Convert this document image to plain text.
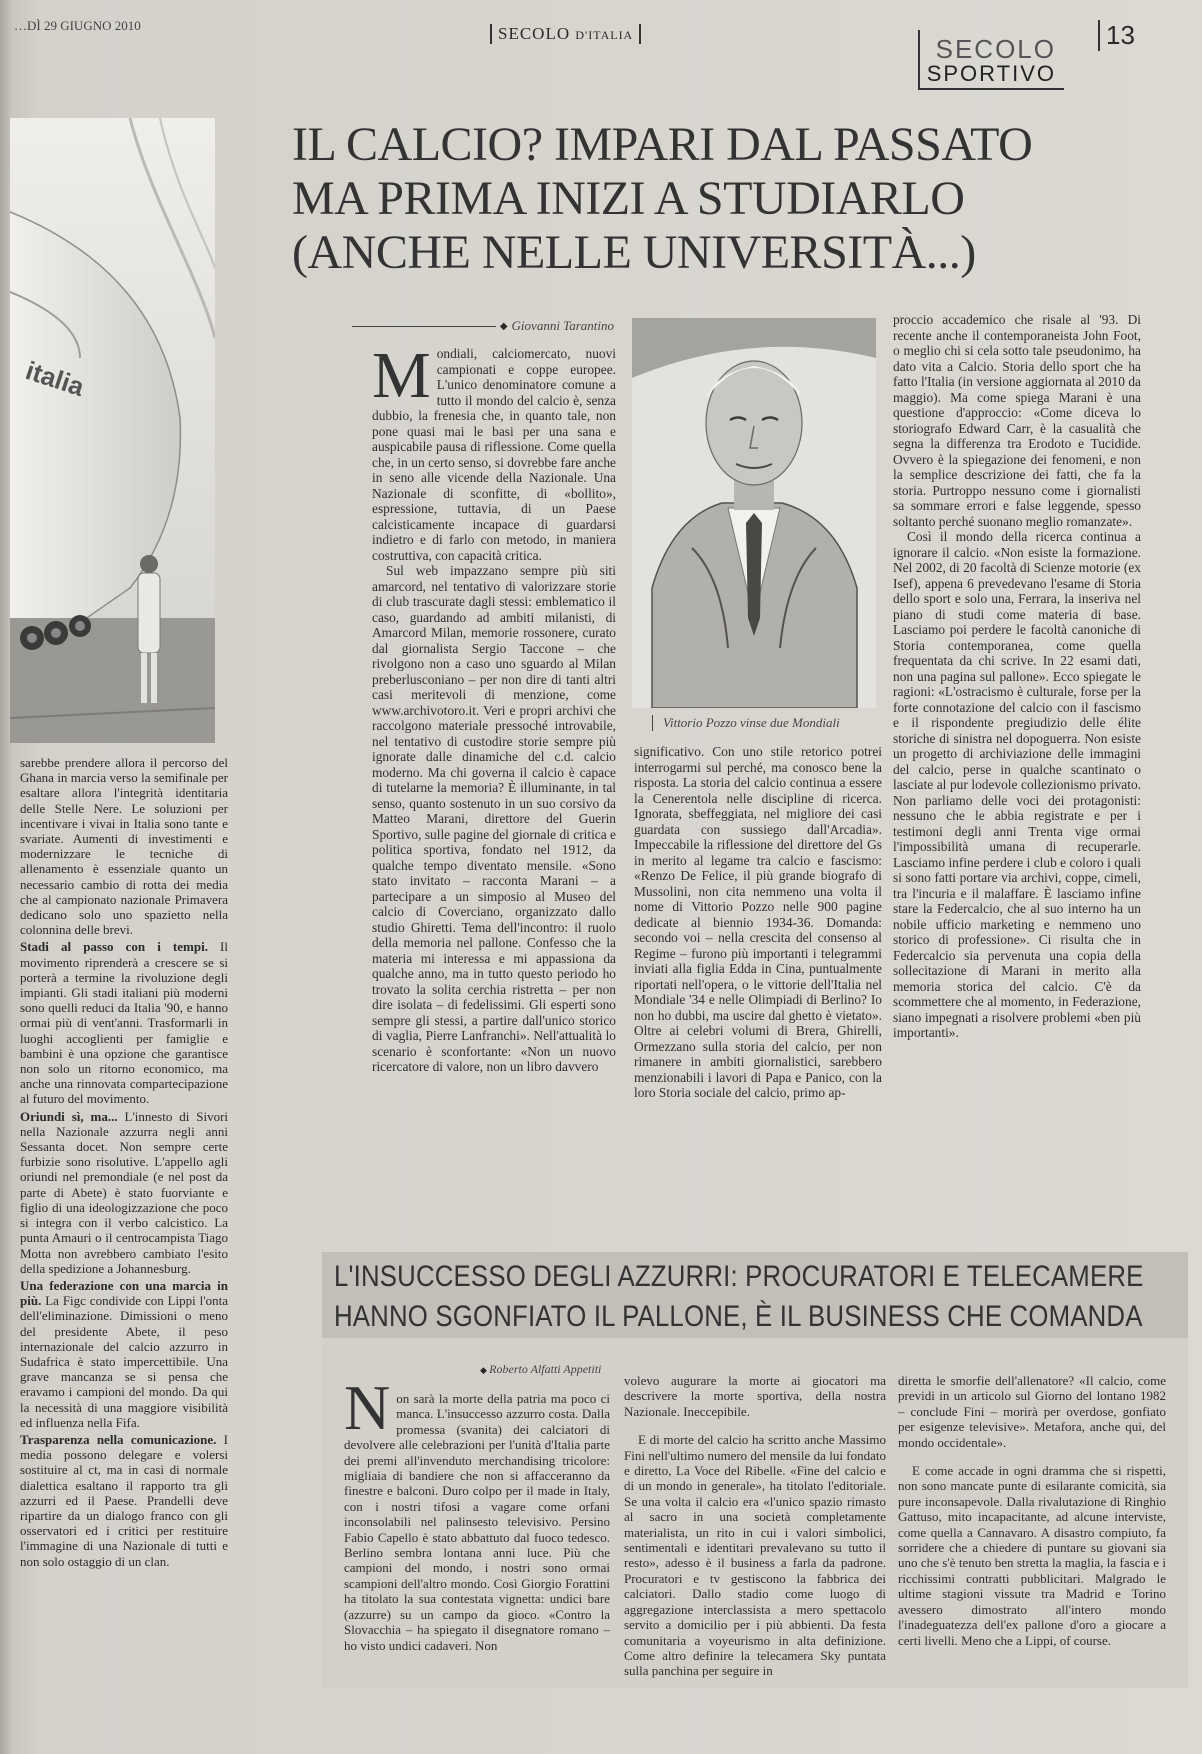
…DÌ 29 GIUGNO 2010	SECOLO D'ITALIA	SECOLO
SPORTIVO
13
italia
IL CALCIO? IMPARI DAL PASSATO
MA PRIMA INIZI A STUDIARLO
(ANCHE NELLE UNIVERSITÀ...)
◆ Giovanni Tarantino
M ondiali, calciomercato, nuovi campionati e coppe europee. L'unico denominatore comune a tutto il mondo del calcio è, senza dubbio, la frenesia che, in quanto tale, non pone quasi mai le basi per una sana e auspicabile pausa di riflessione. Come quella che, in un certo senso, si dovrebbe fare anche in seno alle vicende della Nazionale. Una Nazionale di sconfitte, di «bollito», espressione, tuttavia, di un Paese calcisticamente incapace di guardarsi indietro e di farlo con metodo, in maniera costruttiva, con capacità critica.

Sul web impazzano sempre più siti amarcord, nel tentativo di valorizzare storie di club trascurate dagli stessi: emblematico il caso, guardando ad ambiti milanisti, di Amarcord Milan, memorie rossonere, curato dal giornalista Sergio Taccone – che rivolgono non a caso uno sguardo al Milan preberlusconiano – per non dire di tanti altri casi meritevoli di menzione, come www.archivotoro.it. Veri e propri archivi che raccolgono materiale pressoché introvabile, nel tentativo di custodire storie sempre più ignorate dalle dinamiche del c.d. calcio moderno. Ma chi governa il calcio è capace di tutelarne la memoria? È illuminante, in tal senso, quanto sostenuto in un suo corsivo da Matteo Marani, direttore del Guerin Sportivo, sulle pagine del giornale di critica e politica sportiva, fondato nel 1912, da qualche tempo diventato mensile. «Sono stato invitato – racconta Marani – a partecipare a un simposio al Museo del calcio di Coverciano, organizzato dallo studio Ghiretti. Tema dell'incontro: il ruolo della memoria nel pallone. Confesso che la materia mi interessa e mi appassiona da qualche anno, ma in tutto questo periodo ho trovato la solita cerchia ristretta – per non dire isolata – di fedelissimi. Gli esperti sono sempre gli stessi, a partire dall'unico storico di vaglia, Pierre Lanfranchi». Nell'attualità lo scenario è sconfortante: «Non un nuovo ricercatore di valore, non un libro davvero

Vittorio Pozzo vinse due Mondiali

significativo. Con uno stile retorico potrei interrogarmi sul perché, ma conosco bene la risposta. La storia del calcio continua a essere la Cenerentola nelle discipline di ricerca. Ignorata, sbeffeggiata, nel migliore dei casi guardata con sussiego dall'Arcadia». Impeccabile la riflessione del direttore del Gs in merito al legame tra calcio e fascismo: «Renzo De Felice, il più grande biografo di Mussolini, non cita nemmeno una volta il nome di Vittorio Pozzo nelle 900 pagine dedicate al biennio 1934-36. Domanda: secondo voi – nella crescita del consenso al Regime – furono più importanti i telegrammi inviati alla figlia Edda in Cina, puntualmente riportati nell'opera, o le vittorie dell'Italia nel Mondiale '34 e nelle Olimpiadi di Berlino? Io non ho dubbi, ma uscire dal ghetto è vietato». Oltre ai celebri volumi di Brera, Ghirelli, Ormezzano sulla storia del calcio, per non rimanere in ambiti giornalistici, sarebbero menzionabili i lavori di Papa e Panico, con la loro Storia sociale del calcio, primo ap-

proccio accademico che risale al '93. Di recente anche il contemporaneista John Foot, o meglio chi si cela sotto tale pseudonimo, ha dato vita a Calcio. Storia dello sport che ha fatto l'Italia (in versione aggiornata al 2010 da maggio). Ma come spiega Marani è una questione d'approccio: «Come diceva lo storiografo Edward Carr, è la casualità che segna la differenza tra Erodoto e Tucidide. Ovvero è la spiegazione dei fenomeni, e non la semplice descrizione dei fatti, che fa la storia. Purtroppo nessuno come i giornalisti sa sommare errori e false leggende, spesso soltanto perché suonano meglio romanzate».

Così il mondo della ricerca continua a ignorare il calcio. «Non esiste la formazione. Nel 2002, di 20 facoltà di Scienze motorie (ex Isef), appena 6 prevedevano l'esame di Storia dello sport e solo una, Ferrara, la inseriva nel piano di studi come materia di base. Lasciamo poi perdere le facoltà canoniche di Storia contemporanea, come quella frequentata da chi scrive. In 22 esami dati, non una pagina sul pallone». Ecco spiegate le ragioni: «L'ostracismo è culturale, forse per la forte connotazione del calcio con il fascismo e il rispondente pregiudizio delle élite storiche di sinistra nel dopoguerra. Non esiste un progetto di archiviazione delle immagini del calcio, perse in qualche scantinato o lasciate al pur lodevole collezionismo privato. Non parliamo delle voci dei protagonisti: nessuno che le abbia registrate e per i testimoni degli anni Trenta vige ormai l'impossibilità umana di recuperarle. Lasciamo infine perdere i club e coloro i quali si sono fatti portare via archivi, coppe, cimeli, tra l'incuria e il malaffare. È lasciamo infine stare la Federcalcio, che al suo interno ha un nobile ufficio marketing e nemmeno uno storico di professione». Ci risulta che in Federcalcio sia pervenuta una copia della sollecitazione di Marani in merito alla memoria storica del calcio. C'è da scommettere che al momento, in Federazione, siano impegnati a risolvere problemi «ben più importanti».

sarebbe prendere allora il percorso del Ghana in marcia verso la semifinale per esaltare allora l'integrità identitaria delle Stelle Nere. Le soluzioni per incentivare i vivai in Italia sono tante e svariate. Aumenti di investimenti e modernizzare le tecniche di allenamento è essenziale quanto un necessario cambio di rotta dei media che al campionato nazionale Primavera dedicano solo uno spazietto nella colonnina delle brevi.

Stadi al passo con i tempi. Il movimento riprenderà a crescere se si porterà a termine la rivoluzione degli impianti. Gli stadi italiani più moderni sono quelli reduci da Italia '90, e hanno ormai più di vent'anni. Trasformarli in luoghi accoglienti per famiglie e bambini è una opzione che garantisce non solo un ritorno economico, ma anche una rinnovata compartecipazione al futuro del movimento.

Oriundi sì, ma... L'innesto di Sivori nella Nazionale azzurra negli anni Sessanta docet. Non sempre certe furbizie sono risolutive. L'appello agli oriundi nel premondiale (e nel post da parte di Abete) è stato fuorviante e figlio di una ideologizzazione che poco si integra con il verbo calcistico. La punta Amauri o il centrocampista Tiago Motta non avrebbero cambiato l'esito della spedizione a Johannesburg.

Una federazione con una marcia in più. La Figc condivide con Lippi l'onta dell'eliminazione. Dimissioni o meno del presidente Abete, il peso internazionale del calcio azzurro in Sudafrica è stato impercettibile. Una grave mancanza se si pensa che eravamo i campioni del mondo. Da qui la necessità di una maggiore visibilità ed influenza nella Fifa.

Trasparenza nella comunicazione. I media possono delegare e volersi sostituire al ct, ma in casi di normale dialettica esaltano il rapporto tra gli azzurri ed il Paese. Prandelli deve ripartire da un dialogo franco con gli osservatori ed i critici per restituire l'immagine di una Nazionale di tutti e non solo ostaggio di un clan.

L'INSUCCESSO DEGLI AZZURRI: PROCURATORI E TELECAMERE
HANNO SGONFIATO IL PALLONE, È IL BUSINESS CHE COMANDA
◆ Roberto Alfatti Appetiti
N on sarà la morte della patria ma poco ci manca. L'insuccesso azzurro costa. Dalla promessa (svanita) dei calciatori di devolvere alle celebrazioni per l'unità d'Italia parte dei premi all'invenduto merchandising tricolore: migliaia di bandiere che non si affacceranno da finestre e balconi. Duro colpo per il made in Italy, con i nostri tifosi a vagare come orfani inconsolabili nel palinsesto televisivo. Persino Fabio Capello è stato abbattuto dal fuoco tedesco. Berlino sembra lontana anni luce. Più che campioni del mondo, i nostri sono ormai scampioni dell'altro mondo. Così Giorgio Forattini ha titolato la sua contestata vignetta: undici bare (azzurre) su un campo da gioco. «Contro la Slovacchia – ha spiegato il disegnatore romano – ho visto undici cadaveri. Non

volevo augurare la morte ai giocatori ma descrivere la morte sportiva, della nostra Nazionale. Ineccepibile.

E di morte del calcio ha scritto anche Massimo Fini nell'ultimo numero del mensile da lui fondato e diretto, La Voce del Ribelle. «Fine del calcio e di un mondo in generale», ha titolato l'editoriale. Se una volta il calcio era «l'unico spazio rimasto al sacro in una società completamente materialista, un rito in cui i valori simbolici, sentimentali e identitari prevalevano su tutto il resto», adesso è il business a farla da padrone. Procuratori e tv gestiscono la fabbrica dei calciatori. Dallo stadio come luogo di aggregazione interclassista a mero spettacolo servito a domicilio per i più abbienti. Da festa comunitaria a voyeurismo in alta definizione. Come altro definire la telecamera Sky puntata sulla panchina per seguire in

diretta le smorfie dell'allenatore? «Il calcio, come previdi in un articolo sul Giorno del lontano 1982 – conclude Fini – morirà per overdose, gonfiato per esigenze televisive». Metafora, anche qui, del mondo occidentale».

E come accade in ogni dramma che si rispetti, non sono mancate punte di esilarante comicità, sia pure inconsapevole. Dalla rivalutazione di Ringhio Gattuso, mito incapacitante, ad alcune interviste, come quella a Cannavaro. A disastro compiuto, fa sorridere che a chiedere di puntare su giovani sia uno che s'è tenuto ben stretta la maglia, la fascia e i ricchissimi contratti pubblicitari. Malgrado le ultime stagioni vissute tra Madrid e Torino avessero dimostrato all'intero mondo l'inadeguatezza dell'ex pallone d'oro a giocare a certi livelli. Meno che a Lippi, of course.
